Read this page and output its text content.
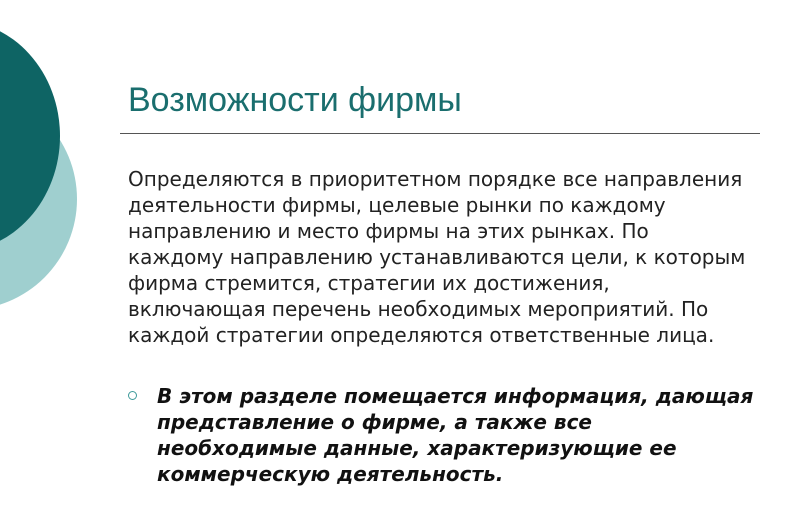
Возможности фирмы

Определяются в приоритетном порядке все направления деятельности фирмы, целевые рынки по каждому направлению и место фирмы на этих рынках. По каждому направлению устанавливаются цели, к которым фирма стремится, стратегии их достижения, включающая перечень необходимых мероприятий. По каждой стратегии определяются ответственные лица.

В этом разделе помещается информация, дающая представление о фирме, а также все необходимые данные, характеризующие ее коммерческую деятельность.
